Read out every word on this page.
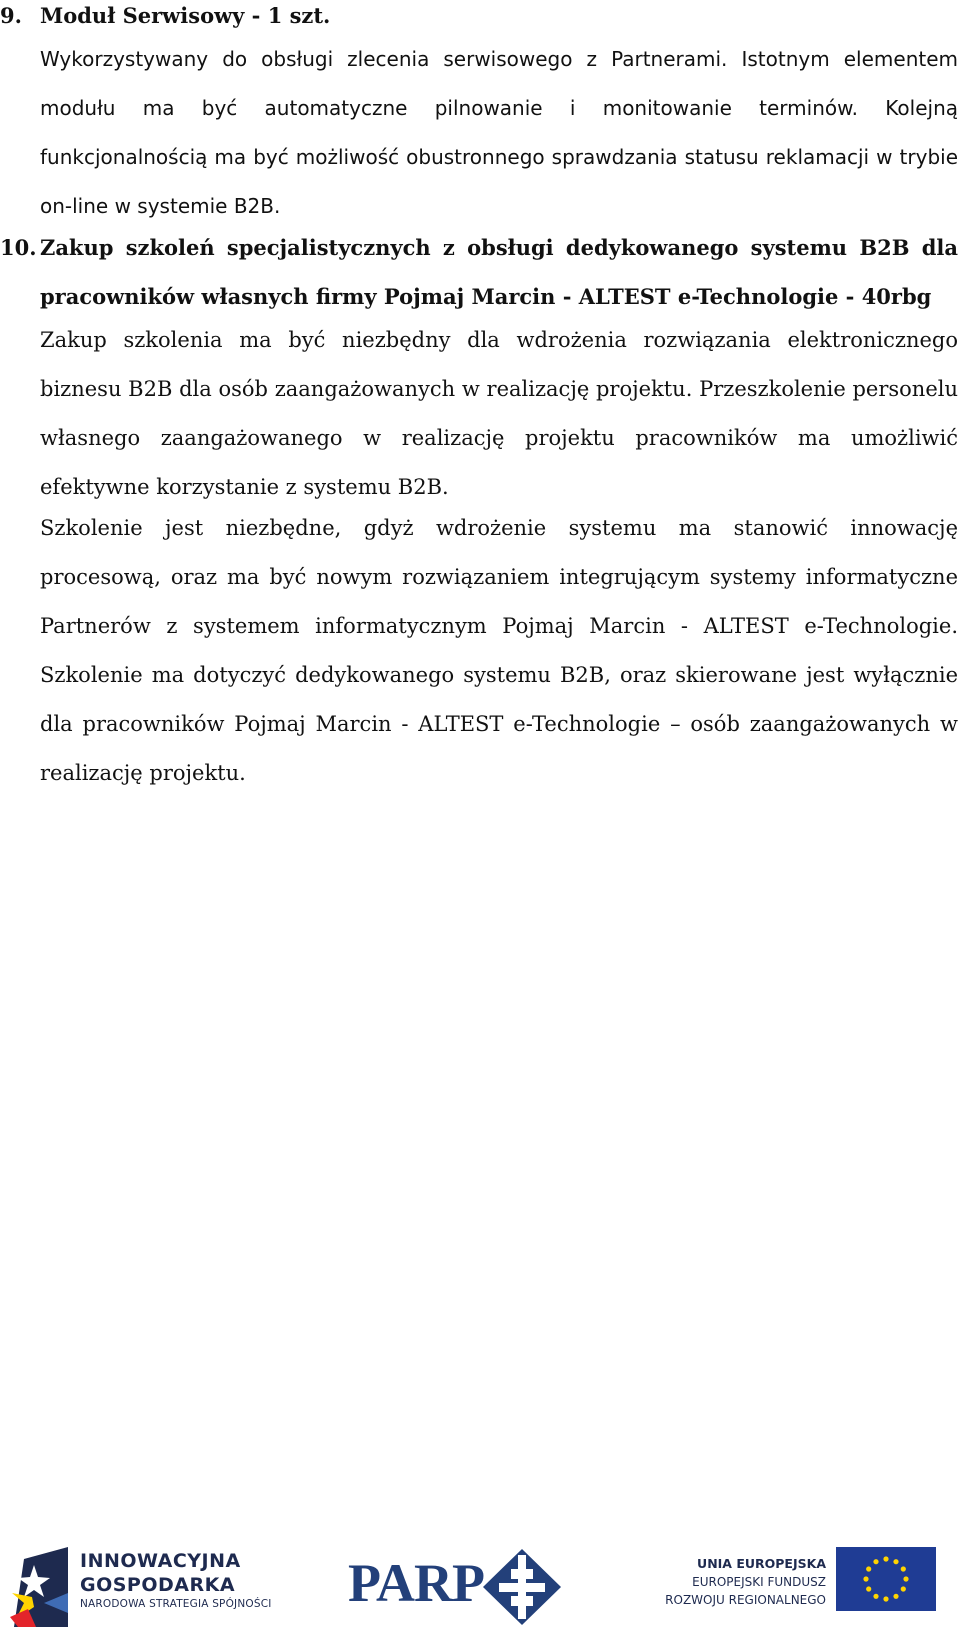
9. Moduł Serwisowy - 1 szt.

Wykorzystywany do obsługi zlecenia serwisowego z Partnerami. Istotnym elementem modułu ma być automatyczne pilnowanie i monitowanie terminów. Kolejną funkcjonalnością ma być możliwość obustronnego sprawdzania statusu reklamacji w trybie on-line w systemie B2B.

10. Zakup szkoleń specjalistycznych z obsługi dedykowanego systemu B2B dla pracowników własnych firmy Pojmaj Marcin - ALTEST e-Technologie - 40rbg

Zakup szkolenia ma być niezbędny dla wdrożenia rozwiązania elektronicznego biznesu B2B dla osób zaangażowanych w realizację projektu. Przeszkolenie personelu własnego zaangażowanego w realizację projektu pracowników ma umożliwić efektywne korzystanie z systemu B2B.

Szkolenie jest niezbędne, gdyż wdrożenie systemu ma stanowić innowację procesową, oraz ma być nowym rozwiązaniem integrującym systemy informatyczne Partnerów z systemem informatycznym Pojmaj Marcin - ALTEST e-Technologie. Szkolenie ma dotyczyć dedykowanego systemu B2B, oraz skierowane jest wyłącznie dla pracowników Pojmaj Marcin - ALTEST e-Technologie – osób zaangażowanych w realizację projektu.

INNOWACYJNA
GOSPODARKA
NARODOWA STRATEGIA SPÓJNOŚCI PARP	UNIA EUROPEJSKA
EUROPEJSKI FUNDUSZ
ROZWOJU REGIONALNEGO
